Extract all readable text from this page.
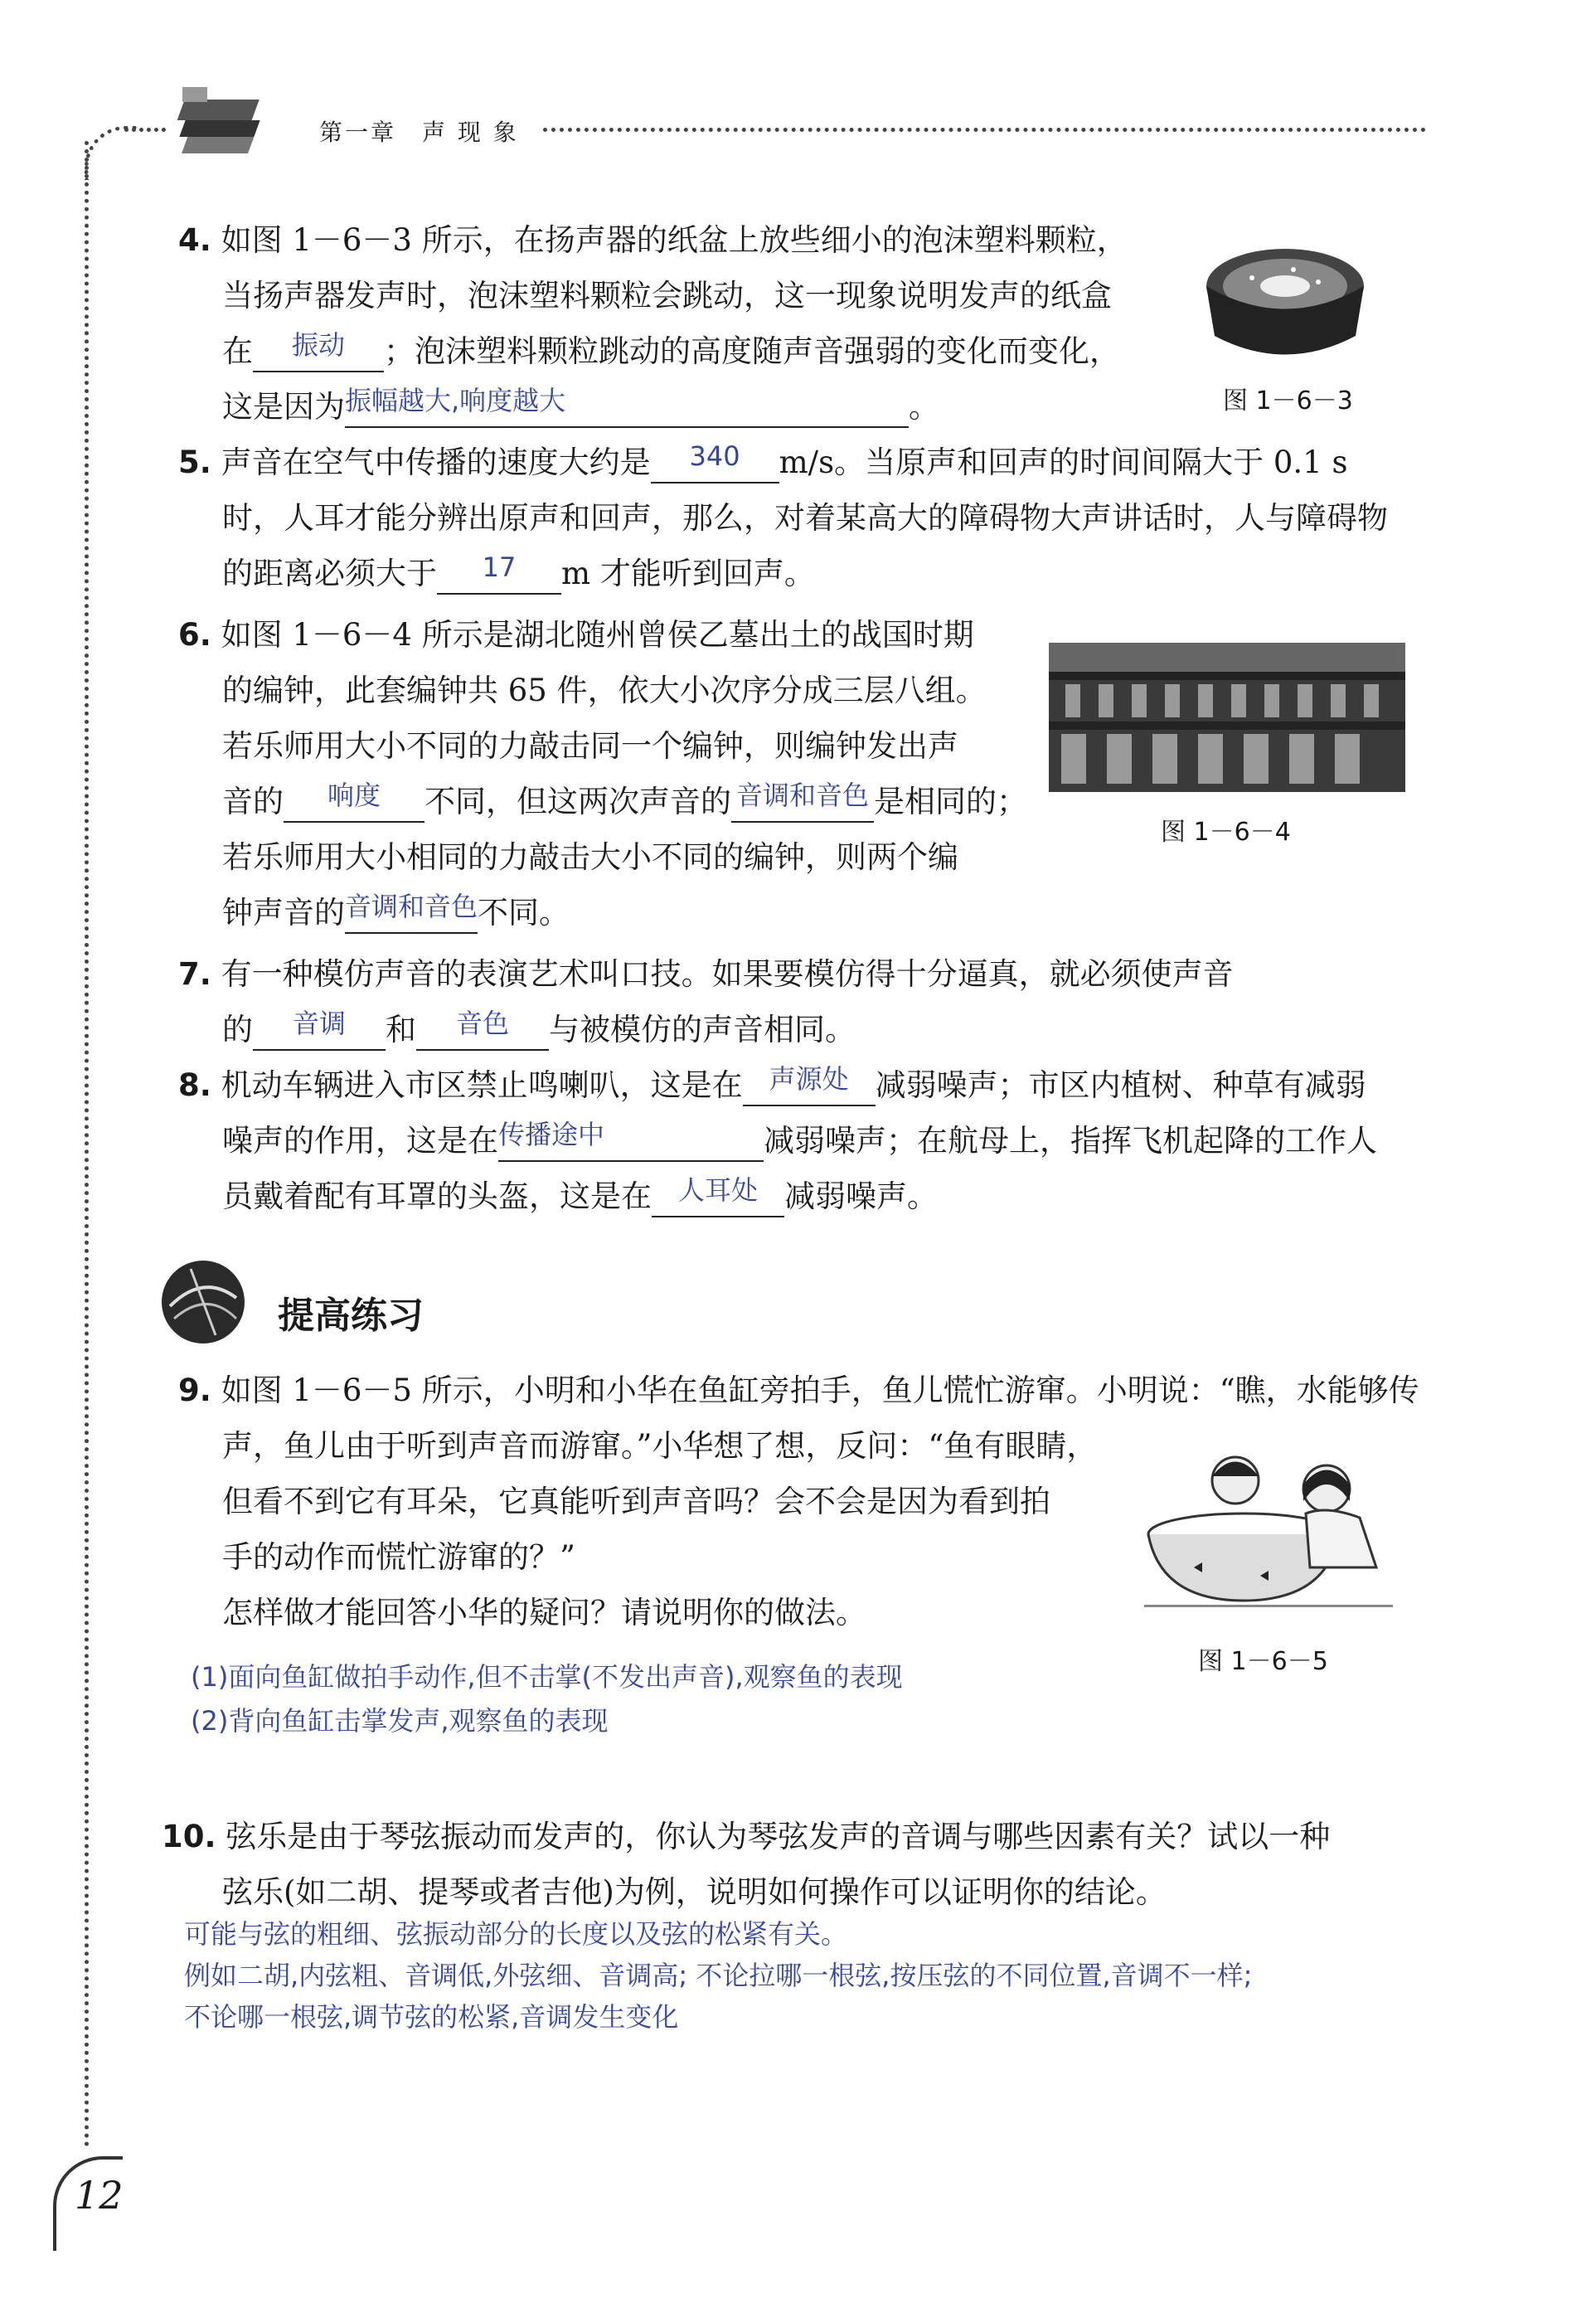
第一章　声 现 象
4. 如图 1－6－3 所示，在扬声器的纸盆上放些细小的泡沫塑料颗粒，
当扬声器发声时，泡沫塑料颗粒会跳动，这一现象说明发声的纸盒
在	振动	；泡沫塑料颗粒跳动的高度随声音强弱的变化而变化，
这是因为 振幅越大,响度越大	。	图 1－6－3
5. 声音在空气中传播的速度大约是	340	m/s。当原声和回声的时间间隔大于 0.1 s
时，人耳才能分辨出原声和回声，那么，对着某高大的障碍物大声讲话时，人与障碍物
的距离必须大于	17	m 才能听到回声。
6. 如图 1－6－4 所示是湖北随州曾侯乙墓出土的战国时期
的编钟，此套编钟共 65 件，依大小次序分成三层八组。
若乐师用大小不同的力敲击同一个编钟，则编钟发出声
音的	响度	不同，但这两次声音的 音调和音色 是相同的；
若乐师用大小相同的力敲击大小不同的编钟，则两个编
钟声音的 音调和音色 不同。
图 1－6－4
7. 有一种模仿声音的表演艺术叫口技。如果要模仿得十分逼真，就必须使声音
的	音调	和	音色	与被模仿的声音相同。
8. 机动车辆进入市区禁止鸣喇叭，这是在 声源处 减弱噪声；市区内植树、种草有减弱
噪声的作用，这是在 传播途中	减弱噪声；在航母上，指挥飞机起降的工作人
员戴着配有耳罩的头盔，这是在 人耳处 减弱噪声。
提高练习
9. 如图 1－6－5 所示，小明和小华在鱼缸旁拍手，鱼儿慌忙游窜。小明说：“瞧，水能够传
声，鱼儿由于听到声音而游窜。”小华想了想，反问：“鱼有眼睛，
但看不到它有耳朵，它真能听到声音吗？会不会是因为看到拍
手的动作而慌忙游窜的？”
怎样做才能回答小华的疑问？请说明你的做法。
图 1－6－5
(1)面向鱼缸做拍手动作,但不击掌(不发出声音),观察鱼的表现
(2)背向鱼缸击掌发声,观察鱼的表现
10. 弦乐是由于琴弦振动而发声的，你认为琴弦发声的音调与哪些因素有关？试以一种
弦乐(如二胡、提琴或者吉他)为例，说明如何操作可以证明你的结论。
可能与弦的粗细、弦振动部分的长度以及弦的松紧有关。
例如二胡,内弦粗、音调低,外弦细、音调高; 不论拉哪一根弦,按压弦的不同位置,音调不一样;
不论哪一根弦,调节弦的松紧,音调发生变化
12
